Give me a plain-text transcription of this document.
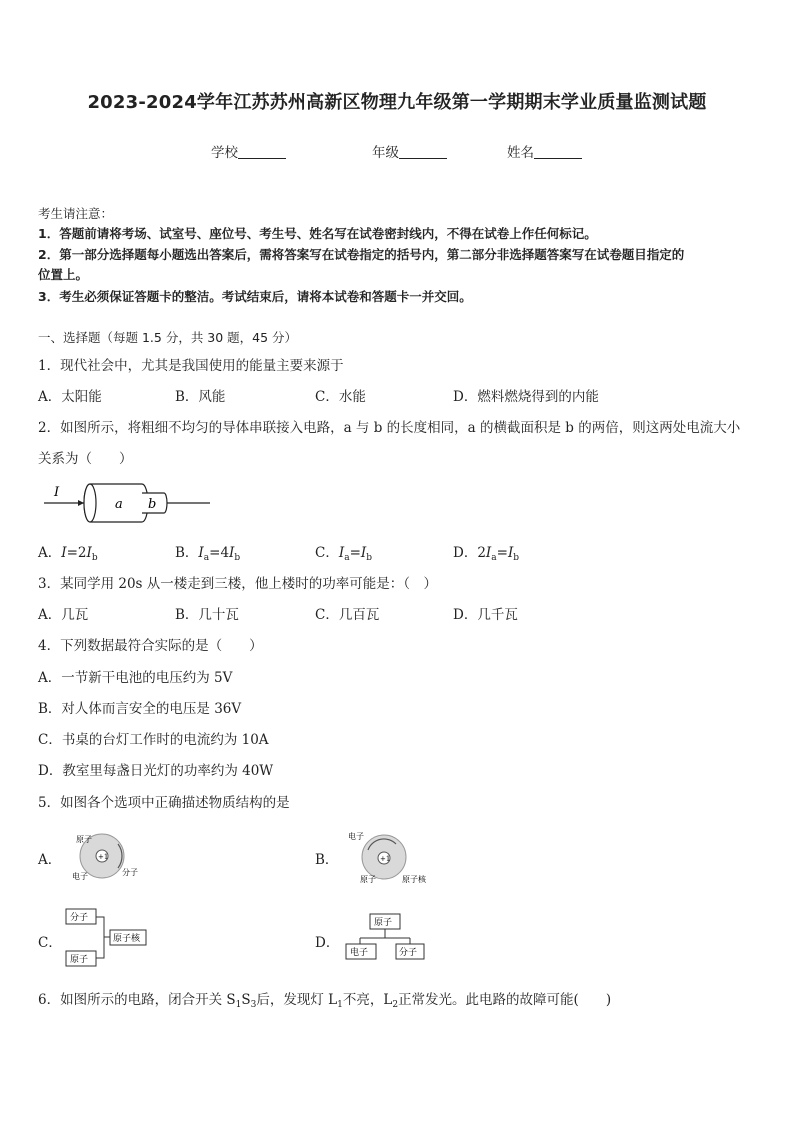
2023-2024学年江苏苏州高新区物理九年级第一学期期末学业质量监测试题
学校	年级	姓名
考生请注意：
1．答题前请将考场、试室号、座位号、考生号、姓名写在试卷密封线内，不得在试卷上作任何标记。
2．第一部分选择题每小题选出答案后，需将答案写在试卷指定的括号内，第二部分非选择题答案写在试卷题目指定的
位置上。
3．考生必须保证答题卡的整洁。考试结束后，请将本试卷和答题卡一并交回。
一、选择题（每题 1.5 分，共 30 题，45 分）
1．现代社会中，尤其是我国使用的能量主要来源于
A．太阳能	B．风能	C．水能	D．燃料燃烧得到的内能
2．如图所示，将粗细不均匀的导体串联接入电路，a 与 b 的长度相同，a 的横截面积是 b 的两倍，则这两处电流大小
关系为（　　）
I
a b
A．$I=2I_b$	B．$I_a=4I_b$	C．$I_a=I_b$	D．$2I_a=I_b$
3．某同学用 20s 从一楼走到三楼，他上楼时的功率可能是：（　）
A．几瓦	B．几十瓦	C．几百瓦	D．几千瓦
4．下列数据最符合实际的是（　　）
A．一节新干电池的电压约为 5V
B．对人体而言安全的电压是 36V
C．书桌的台灯工作时的电流约为 10A
D．教室里每盏日光灯的功率约为 40W
5．如图各个选项中正确描述物质结构的是
A．	+1
原子
电子	分子
B．	+1
电子
原子	原子核
C．
分子
原子
原子核	D．
原子
电子	分子
6．如图所示的电路，闭合开关 $S_1S_3$后，发现灯 $L_1$不亮，$L_2$正常发光。此电路的故障可能(　　)
